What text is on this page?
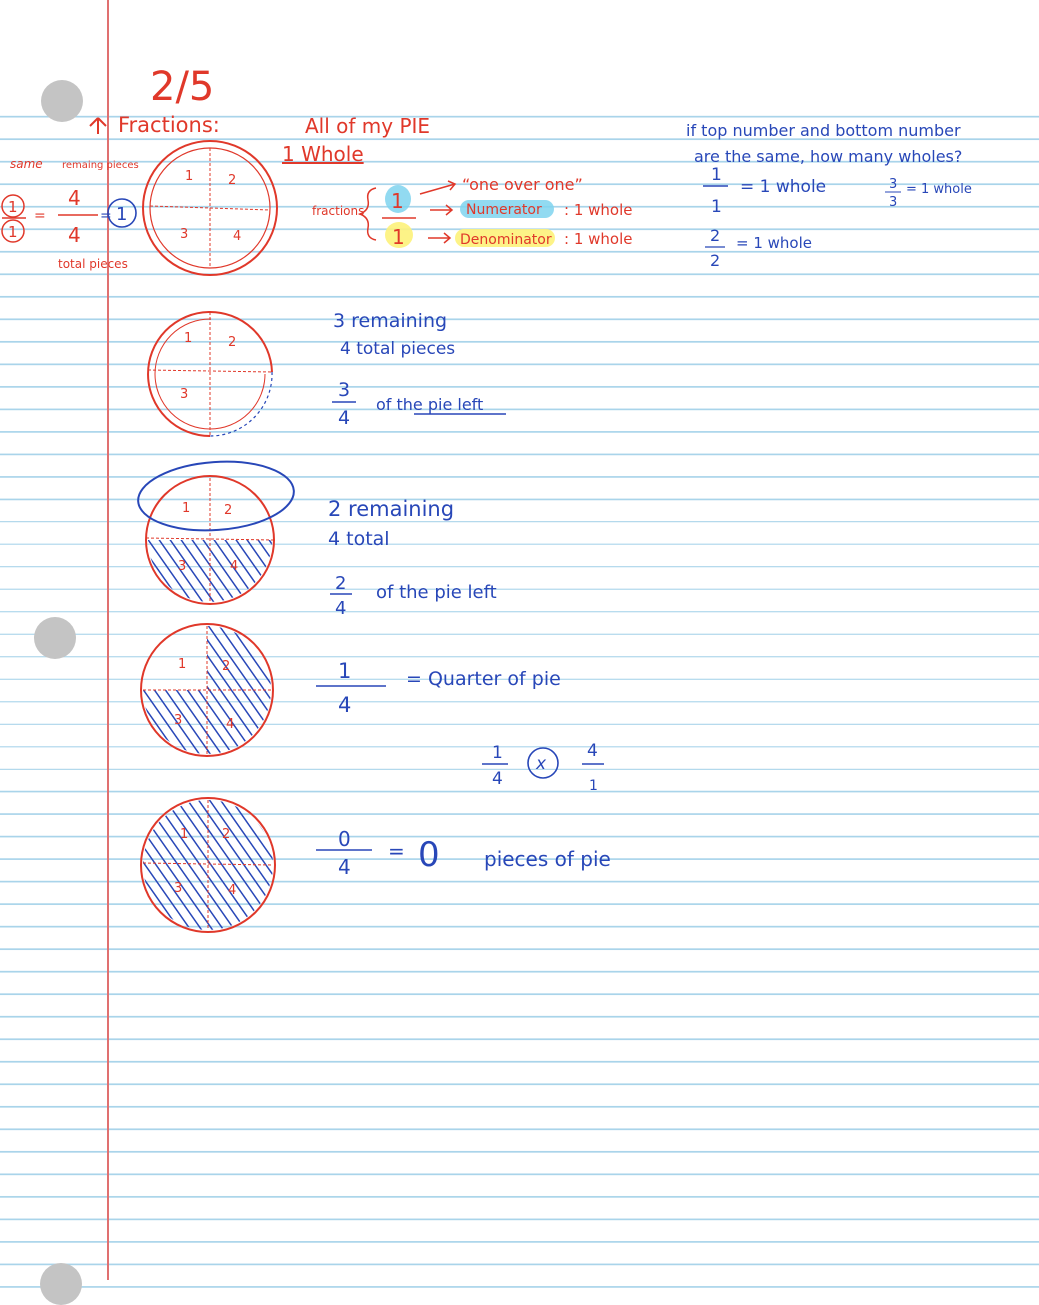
2/5
Fractions:	All of my PIE
1 Whole
same remaing pieces
1
1
=
4
4
= 1
total pieces
fractions 1
1
“one over one”
Numerator : 1 whole
Denominator : 1 whole
if top number and bottom number
are the same, how many wholes?
1
1
= 1 whole	3
3
= 1 whole
2
2
= 1 whole
1	2
3	4
1	2
3
1	2
3	4
1	2
3	4
1	2
3	4
3 remaining
4 total pieces
3
4
of the pie left
2 remaining
4 total
2
4
of the pie left
1
4
= Quarter of pie
1
4
x
4
1
0
4
= 0 pieces of pie
